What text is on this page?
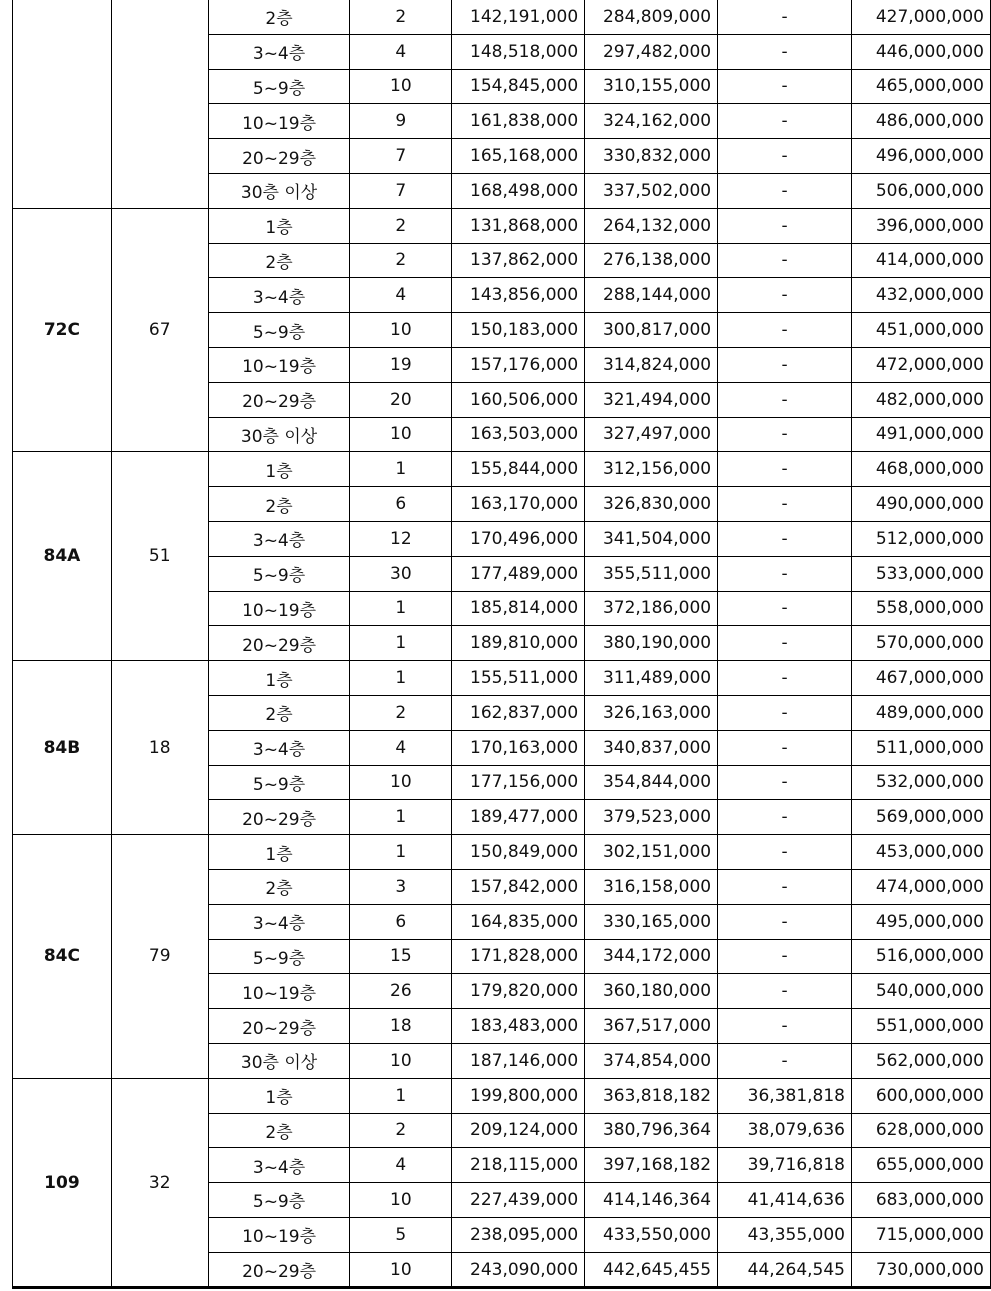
		2층	2	142,191,000	284,809,000	-	427,000,000
		3~4층	4	148,518,000	297,482,000	-	446,000,000
		5~9층	10	154,845,000	310,155,000	-	465,000,000
		10~19층	9	161,838,000	324,162,000	-	486,000,000
		20~29층	7	165,168,000	330,832,000	-	496,000,000
		30층 이상	7	168,498,000	337,502,000	-	506,000,000
72C	67	1층	2	131,868,000	264,132,000	-	396,000,000
		2층	2	137,862,000	276,138,000	-	414,000,000
		3~4층	4	143,856,000	288,144,000	-	432,000,000
		5~9층	10	150,183,000	300,817,000	-	451,000,000
		10~19층	19	157,176,000	314,824,000	-	472,000,000
		20~29층	20	160,506,000	321,494,000	-	482,000,000
		30층 이상	10	163,503,000	327,497,000	-	491,000,000
84A	51	1층	1	155,844,000	312,156,000	-	468,000,000
		2층	6	163,170,000	326,830,000	-	490,000,000
		3~4층	12	170,496,000	341,504,000	-	512,000,000
		5~9층	30	177,489,000	355,511,000	-	533,000,000
		10~19층	1	185,814,000	372,186,000	-	558,000,000
		20~29층	1	189,810,000	380,190,000	-	570,000,000
84B	18	1층	1	155,511,000	311,489,000	-	467,000,000
		2층	2	162,837,000	326,163,000	-	489,000,000
		3~4층	4	170,163,000	340,837,000	-	511,000,000
		5~9층	10	177,156,000	354,844,000	-	532,000,000
		20~29층	1	189,477,000	379,523,000	-	569,000,000
84C	79	1층	1	150,849,000	302,151,000	-	453,000,000
		2층	3	157,842,000	316,158,000	-	474,000,000
		3~4층	6	164,835,000	330,165,000	-	495,000,000
		5~9층	15	171,828,000	344,172,000	-	516,000,000
		10~19층	26	179,820,000	360,180,000	-	540,000,000
		20~29층	18	183,483,000	367,517,000	-	551,000,000
		30층 이상	10	187,146,000	374,854,000	-	562,000,000
109	32	1층	1	199,800,000	363,818,182	36,381,818	600,000,000
		2층	2	209,124,000	380,796,364	38,079,636	628,000,000
		3~4층	4	218,115,000	397,168,182	39,716,818	655,000,000
		5~9층	10	227,439,000	414,146,364	41,414,636	683,000,000
		10~19층	5	238,095,000	433,550,000	43,355,000	715,000,000
		20~29층	10	243,090,000	442,645,455	44,264,545	730,000,000
